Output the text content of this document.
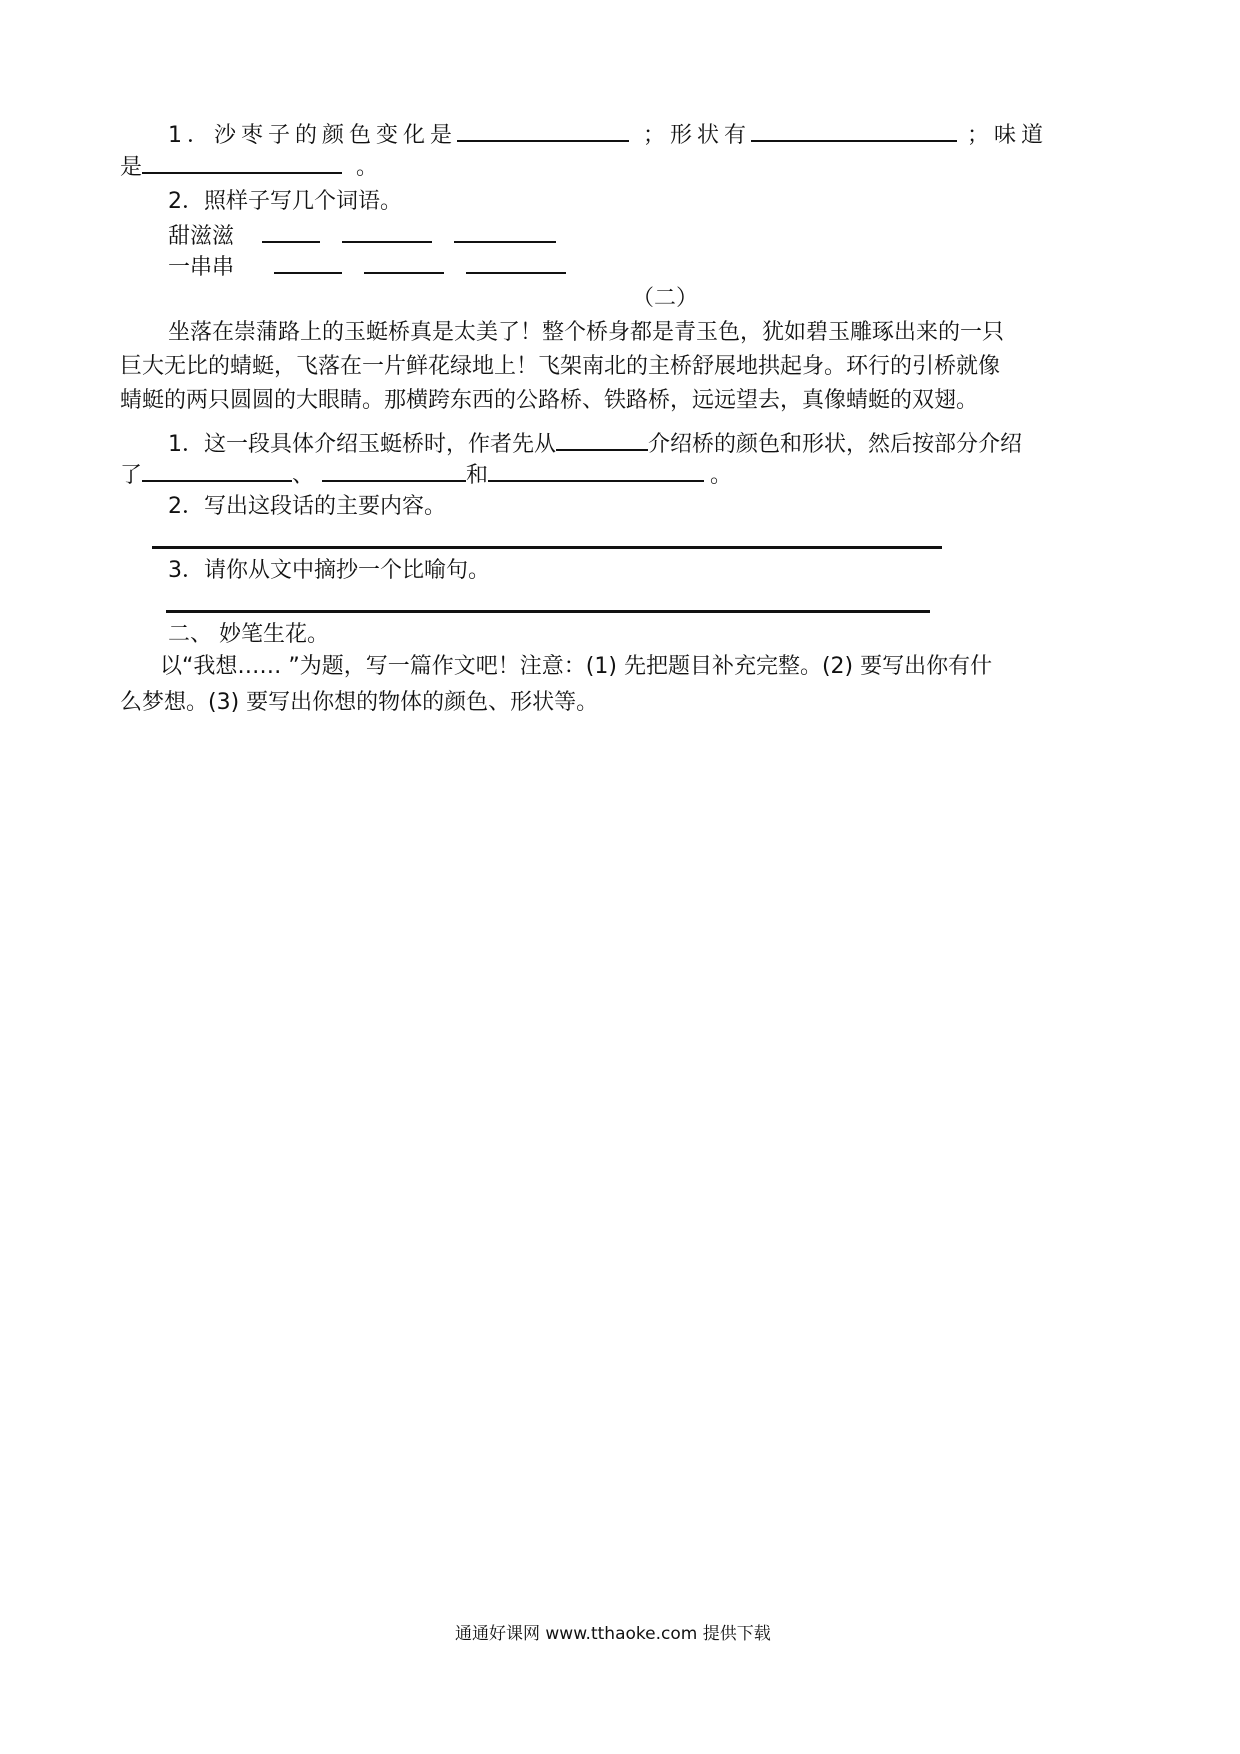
1．沙枣子的颜色变化是	；形状有	；味道
是	。
2．照样子写几个词语。
甜滋滋
一串串
（二）
坐落在崇蒲路上的玉蜓桥真是太美了！整个桥身都是青玉色，犹如碧玉雕琢出来的一只
巨大无比的蜻蜓，飞落在一片鲜花绿地上！飞架南北的主桥舒展地拱起身。环行的引桥就像
蜻蜓的两只圆圆的大眼睛。那横跨东西的公路桥、铁路桥，远远望去，真像蜻蜓的双翅。
1．这一段具体介绍玉蜓桥时，作者先从	介绍桥的颜色和形状，然后按部分介绍
了	、	和	。
2．写出这段话的主要内容。
3．请你从文中摘抄一个比喻句。
二、 妙笔生花。
以“我想…… ”为题，写一篇作文吧！注意：(1) 先把题目补充完整。(2) 要写出你有什
么梦想。(3) 要写出你想的物体的颜色、形状等。
通通好课网 www.tthaoke.com 提供下载
